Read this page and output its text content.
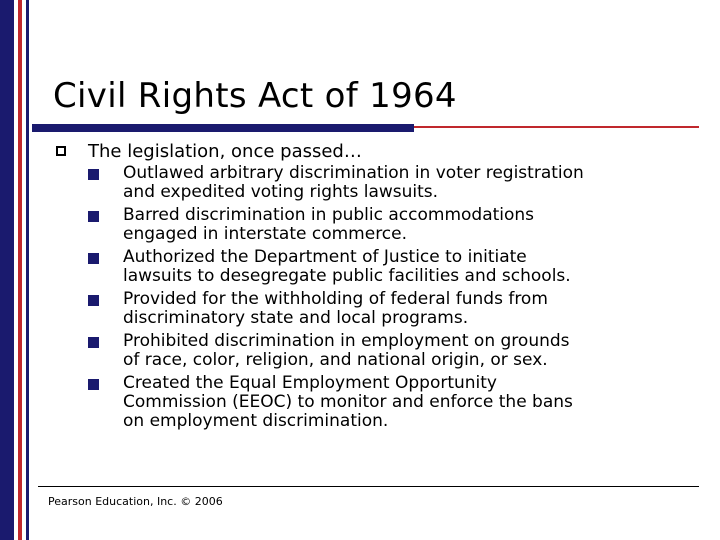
Civil Rights Act of 1964
The legislation, once passed…
Outlawed arbitrary discrimination in voter registration
and expedited voting rights lawsuits.
Barred discrimination in public accommodations
engaged in interstate commerce.
Authorized the Department of Justice to initiate
lawsuits to desegregate public facilities and schools.
Provided for the withholding of federal funds from
discriminatory state and local programs.
Prohibited discrimination in employment on grounds
of race, color, religion, and national origin, or sex.
Created the Equal Employment Opportunity
Commission (EEOC) to monitor and enforce the bans
on employment discrimination.
Pearson Education, Inc. © 2006
